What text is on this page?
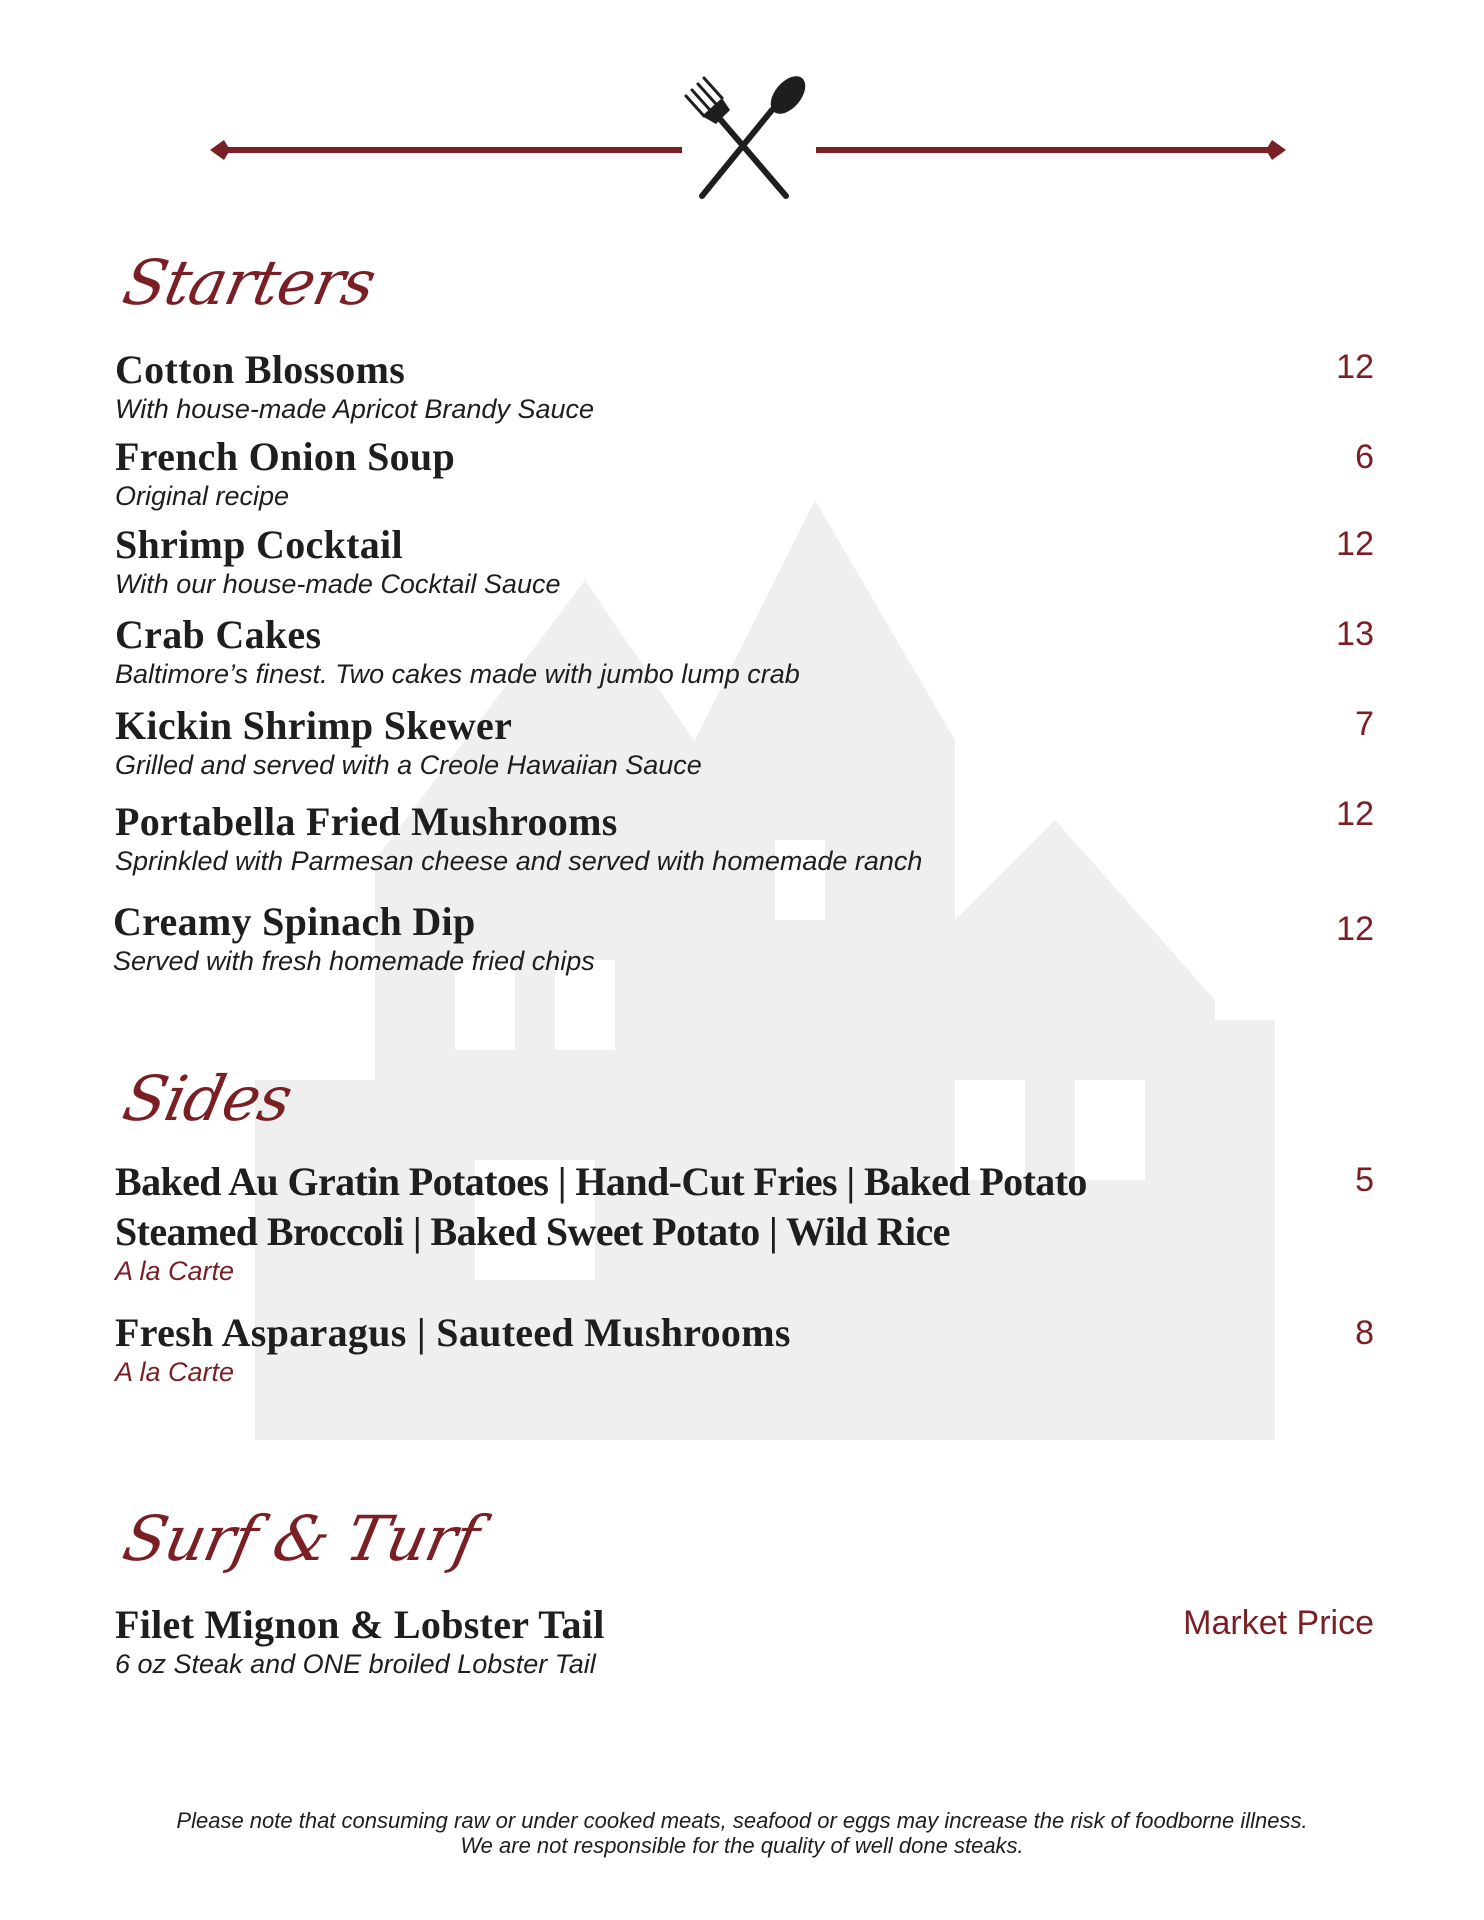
Starters
Cotton Blossoms
With house-made Apricot Brandy Sauce
12
French Onion Soup
Original recipe
6
Shrimp Cocktail
With our house-made Cocktail Sauce
12
Crab Cakes
Baltimore’s finest. Two cakes made with jumbo lump crab
13
Kickin Shrimp Skewer
Grilled and served with a Creole Hawaiian Sauce
7
Portabella Fried Mushrooms
Sprinkled with Parmesan cheese and served with homemade ranch
12
Creamy Spinach Dip
Served with fresh homemade fried chips
12
Sides
Baked Au Gratin Potatoes | Hand-Cut Fries | Baked Potato
Steamed Broccoli | Baked Sweet Potato | Wild Rice
A la Carte
5
Fresh Asparagus | Sauteed Mushrooms
A la Carte
8
Surf & Turf
Filet Mignon & Lobster Tail
6 oz Steak and ONE broiled Lobster Tail
Market Price
Please note that consuming raw or under cooked meats, seafood or eggs may increase the risk of foodborne illness.
We are not responsible for the quality of well done steaks.
